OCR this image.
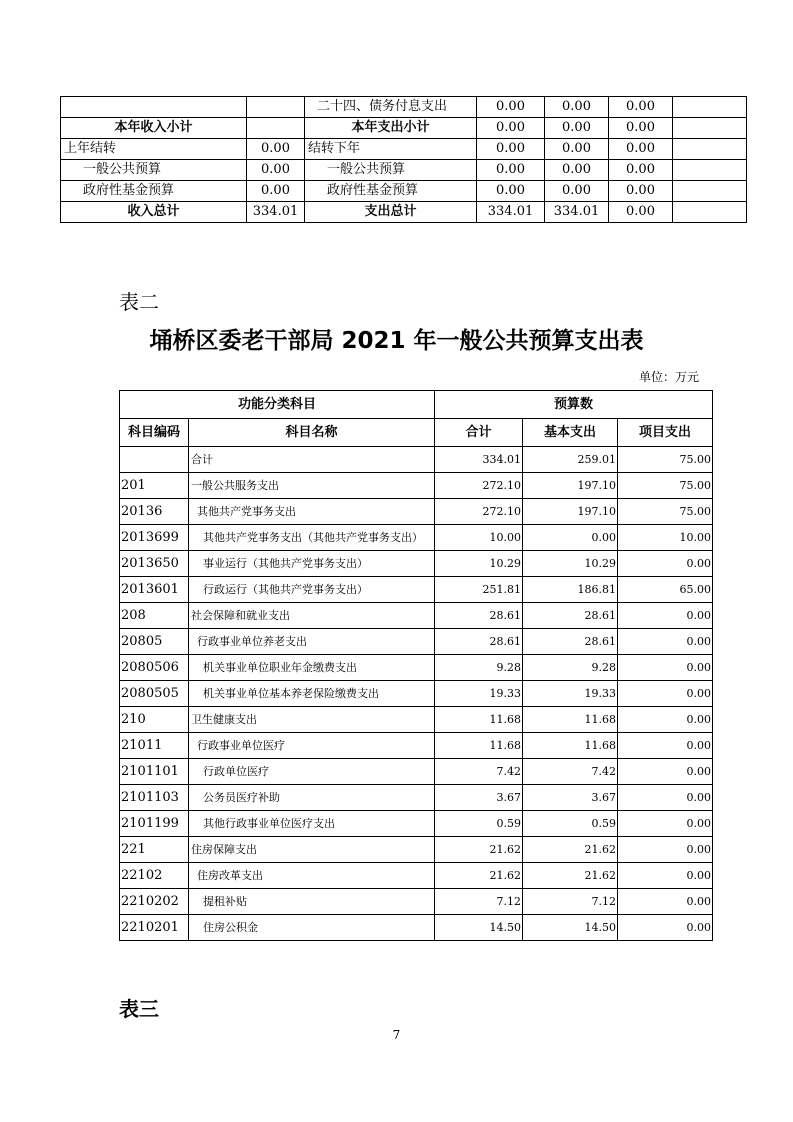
		二十四、债务付息支出	0.00	0.00	0.00	
本年收入小计		本年支出小计	0.00	0.00	0.00	
上年结转	0.00	结转下年	0.00	0.00	0.00	
一般公共预算	0.00	一般公共预算	0.00	0.00	0.00	
政府性基金预算	0.00	政府性基金预算	0.00	0.00	0.00	
收入总计	334.01	支出总计	334.01	334.01	0.00	
表二
埇桥区委老干部局 2021 年一般公共预算支出表
单位：万元
功能分类科目		预算数		
科目编码	科目名称	合计	基本支出	项目支出
	合计	334.01	259.01	75.00
201	一般公共服务支出	272.10	197.10	75.00
20136	其他共产党事务支出	272.10	197.10	75.00
2013699	其他共产党事务支出（其他共产党事务支出）	10.00	0.00	10.00
2013650	事业运行（其他共产党事务支出）	10.29	10.29	0.00
2013601	行政运行（其他共产党事务支出）	251.81	186.81	65.00
208	社会保障和就业支出	28.61	28.61	0.00
20805	行政事业单位养老支出	28.61	28.61	0.00
2080506	机关事业单位职业年金缴费支出	9.28	9.28	0.00
2080505	机关事业单位基本养老保险缴费支出	19.33	19.33	0.00
210	卫生健康支出	11.68	11.68	0.00
21011	行政事业单位医疗	11.68	11.68	0.00
2101101	行政单位医疗	7.42	7.42	0.00
2101103	公务员医疗补助	3.67	3.67	0.00
2101199	其他行政事业单位医疗支出	0.59	0.59	0.00
221	住房保障支出	21.62	21.62	0.00
22102	住房改革支出	21.62	21.62	0.00
2210202	提租补贴	7.12	7.12	0.00
2210201	住房公积金	14.50	14.50	0.00
表三
7
